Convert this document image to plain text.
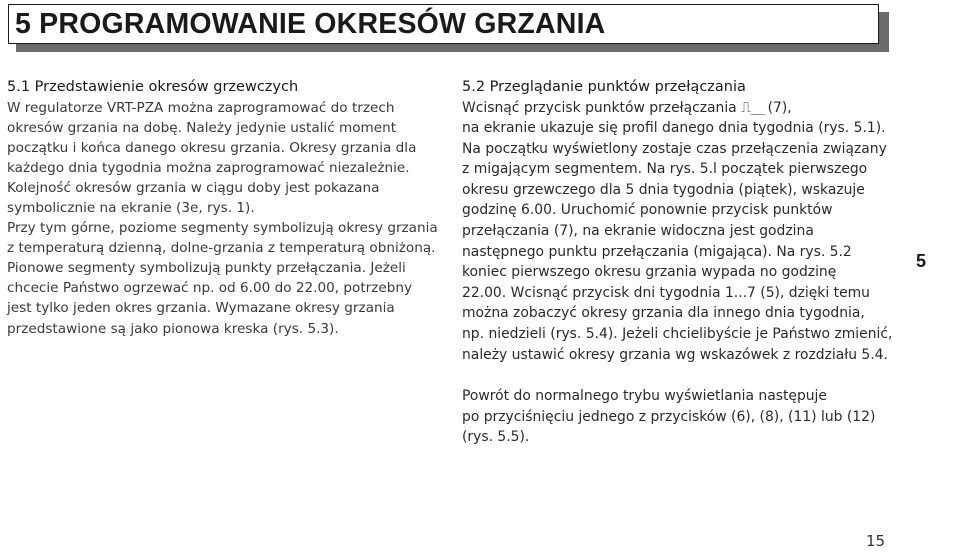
5 PROGRAMOWANIE OKRESÓW GRZANIA
5.1 Przedstawienie okresów grzewczych
W regulatorze VRT-PZA można zaprogramować do trzech
okresów grzania na dobę. Należy jedynie ustalić moment
początku i końca danego okresu grzania. Okresy grzania dla
każdego dnia tygodnia można zaprogramować niezależnie.
Kolejność okresów grzania w ciągu doby jest pokazana
symbolicznie na ekranie (3e, rys. 1).
Przy tym górne, poziome segmenty symbolizują okresy grzania
z temperaturą dzienną, dolne-grzania z temperaturą obniżoną.
Pionowe segmenty symbolizują punkty przełączania. Jeżeli
chcecie Państwo ogrzewać np. od 6.00 do 22.00, potrzebny
jest tylko jeden okres grzania. Wymazane okresy grzania
przedstawione są jako pionowa kreska (rys. 5.3).
5.2 Przeglądanie punktów przełączania
Wcisnąć przycisk punktów przełączania ⎍⎽ (7),
na ekranie ukazuje się profil danego dnia tygodnia (rys. 5.1).
Na początku wyświetlony zostaje czas przełączenia związany
z migającym segmentem. Na rys. 5.l początek pierwszego
okresu grzewczego dla 5 dnia tygodnia (piątek), wskazuje
godzinę 6.00. Uruchomić ponownie przycisk punktów
przełączania (7), na ekranie widoczna jest godzina
następnego punktu przełączania (migająca). Na rys. 5.2
koniec pierwszego okresu grzania wypada no godzinę
22.00. Wcisnąć przycisk dni tygodnia 1...7 (5), dzięki temu
można zobaczyć okresy grzania dla innego dnia tygodnia,
np. niedzieli (rys. 5.4). Jeżeli chcielibyście je Państwo zmienić,
należy ustawić okresy grzania wg wskazówek z rozdziału 5.4.
Powrót do normalnego trybu wyświetlania następuje
po przyciśnięciu jednego z przycisków (6), (8), (11) lub (12)
(rys. 5.5).
5
15
